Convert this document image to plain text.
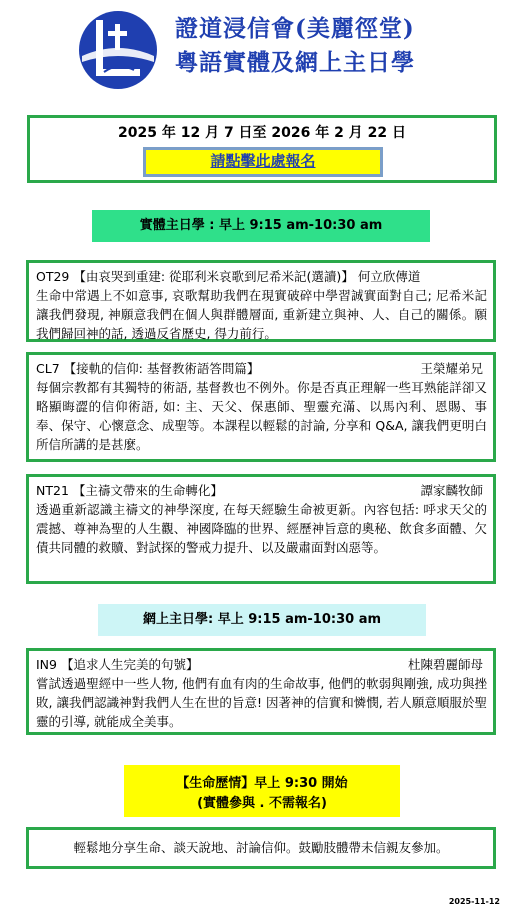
證道浸信會(美麗徑堂)
粵語實體及網上主日學
2025 年 12 月 7 日至 2026 年 2 月 22 日
請點擊此處報名
實體主日學 : 早上 9:15 am-10:30 am
OT29 【由哀哭到重建: 從耶利米哀歌到尼希米記(選讀)】 何立欣傳道
生命中常遇上不如意事, 哀歌幫助我們在現實破碎中學習誠實面對自己; 尼希米記讓我們發現, 神願意我們在個人與群體層面, 重新建立與神、人、自己的關係。願我們歸回神的話, 透過反省歷史, 得力前行。
CL7 【接軌的信仰: 基督教術語答問篇】	王榮耀弟兄
每個宗教都有其獨特的術語, 基督教也不例外。你是否真正理解一些耳熟能詳卻又略顯晦澀的信仰術語, 如: 主、天父、保惠師、聖靈充滿、以馬內利、恩賜、事奉、保守、心懷意念、成聖等。本課程以輕鬆的討論, 分享和 Q&A, 讓我們更明白所信所講的是甚麼。
NT21 【主禱文帶來的生命轉化】	譚家麟牧師
透過重新認識主禱文的神學深度, 在每天經驗生命被更新。內容包括: 呼求天父的震撼、尊神為聖的人生觀、神國降臨的世界、經歷神旨意的奧秘、飲食多面體、欠債共同體的救贖、對試探的警戒力提升、以及嚴肅面對凶惡等。
網上主日學: 早上 9:15 am-10:30 am
IN9 【追求人生完美的句號】	杜陳碧麗師母
嘗試透過聖經中一些人物, 他們有血有肉的生命故事, 他們的軟弱與剛強, 成功與挫敗, 讓我們認識神對我們人生在世的旨意! 因著神的信實和憐憫, 若人願意順服於聖靈的引導, 就能成全美事。
【生命歷情】早上 9:30 開始
(實體參與 . 不需報名)
輕鬆地分享生命、談天說地、討論信仰。鼓勵肢體帶未信親友參加。
2025-11-12
